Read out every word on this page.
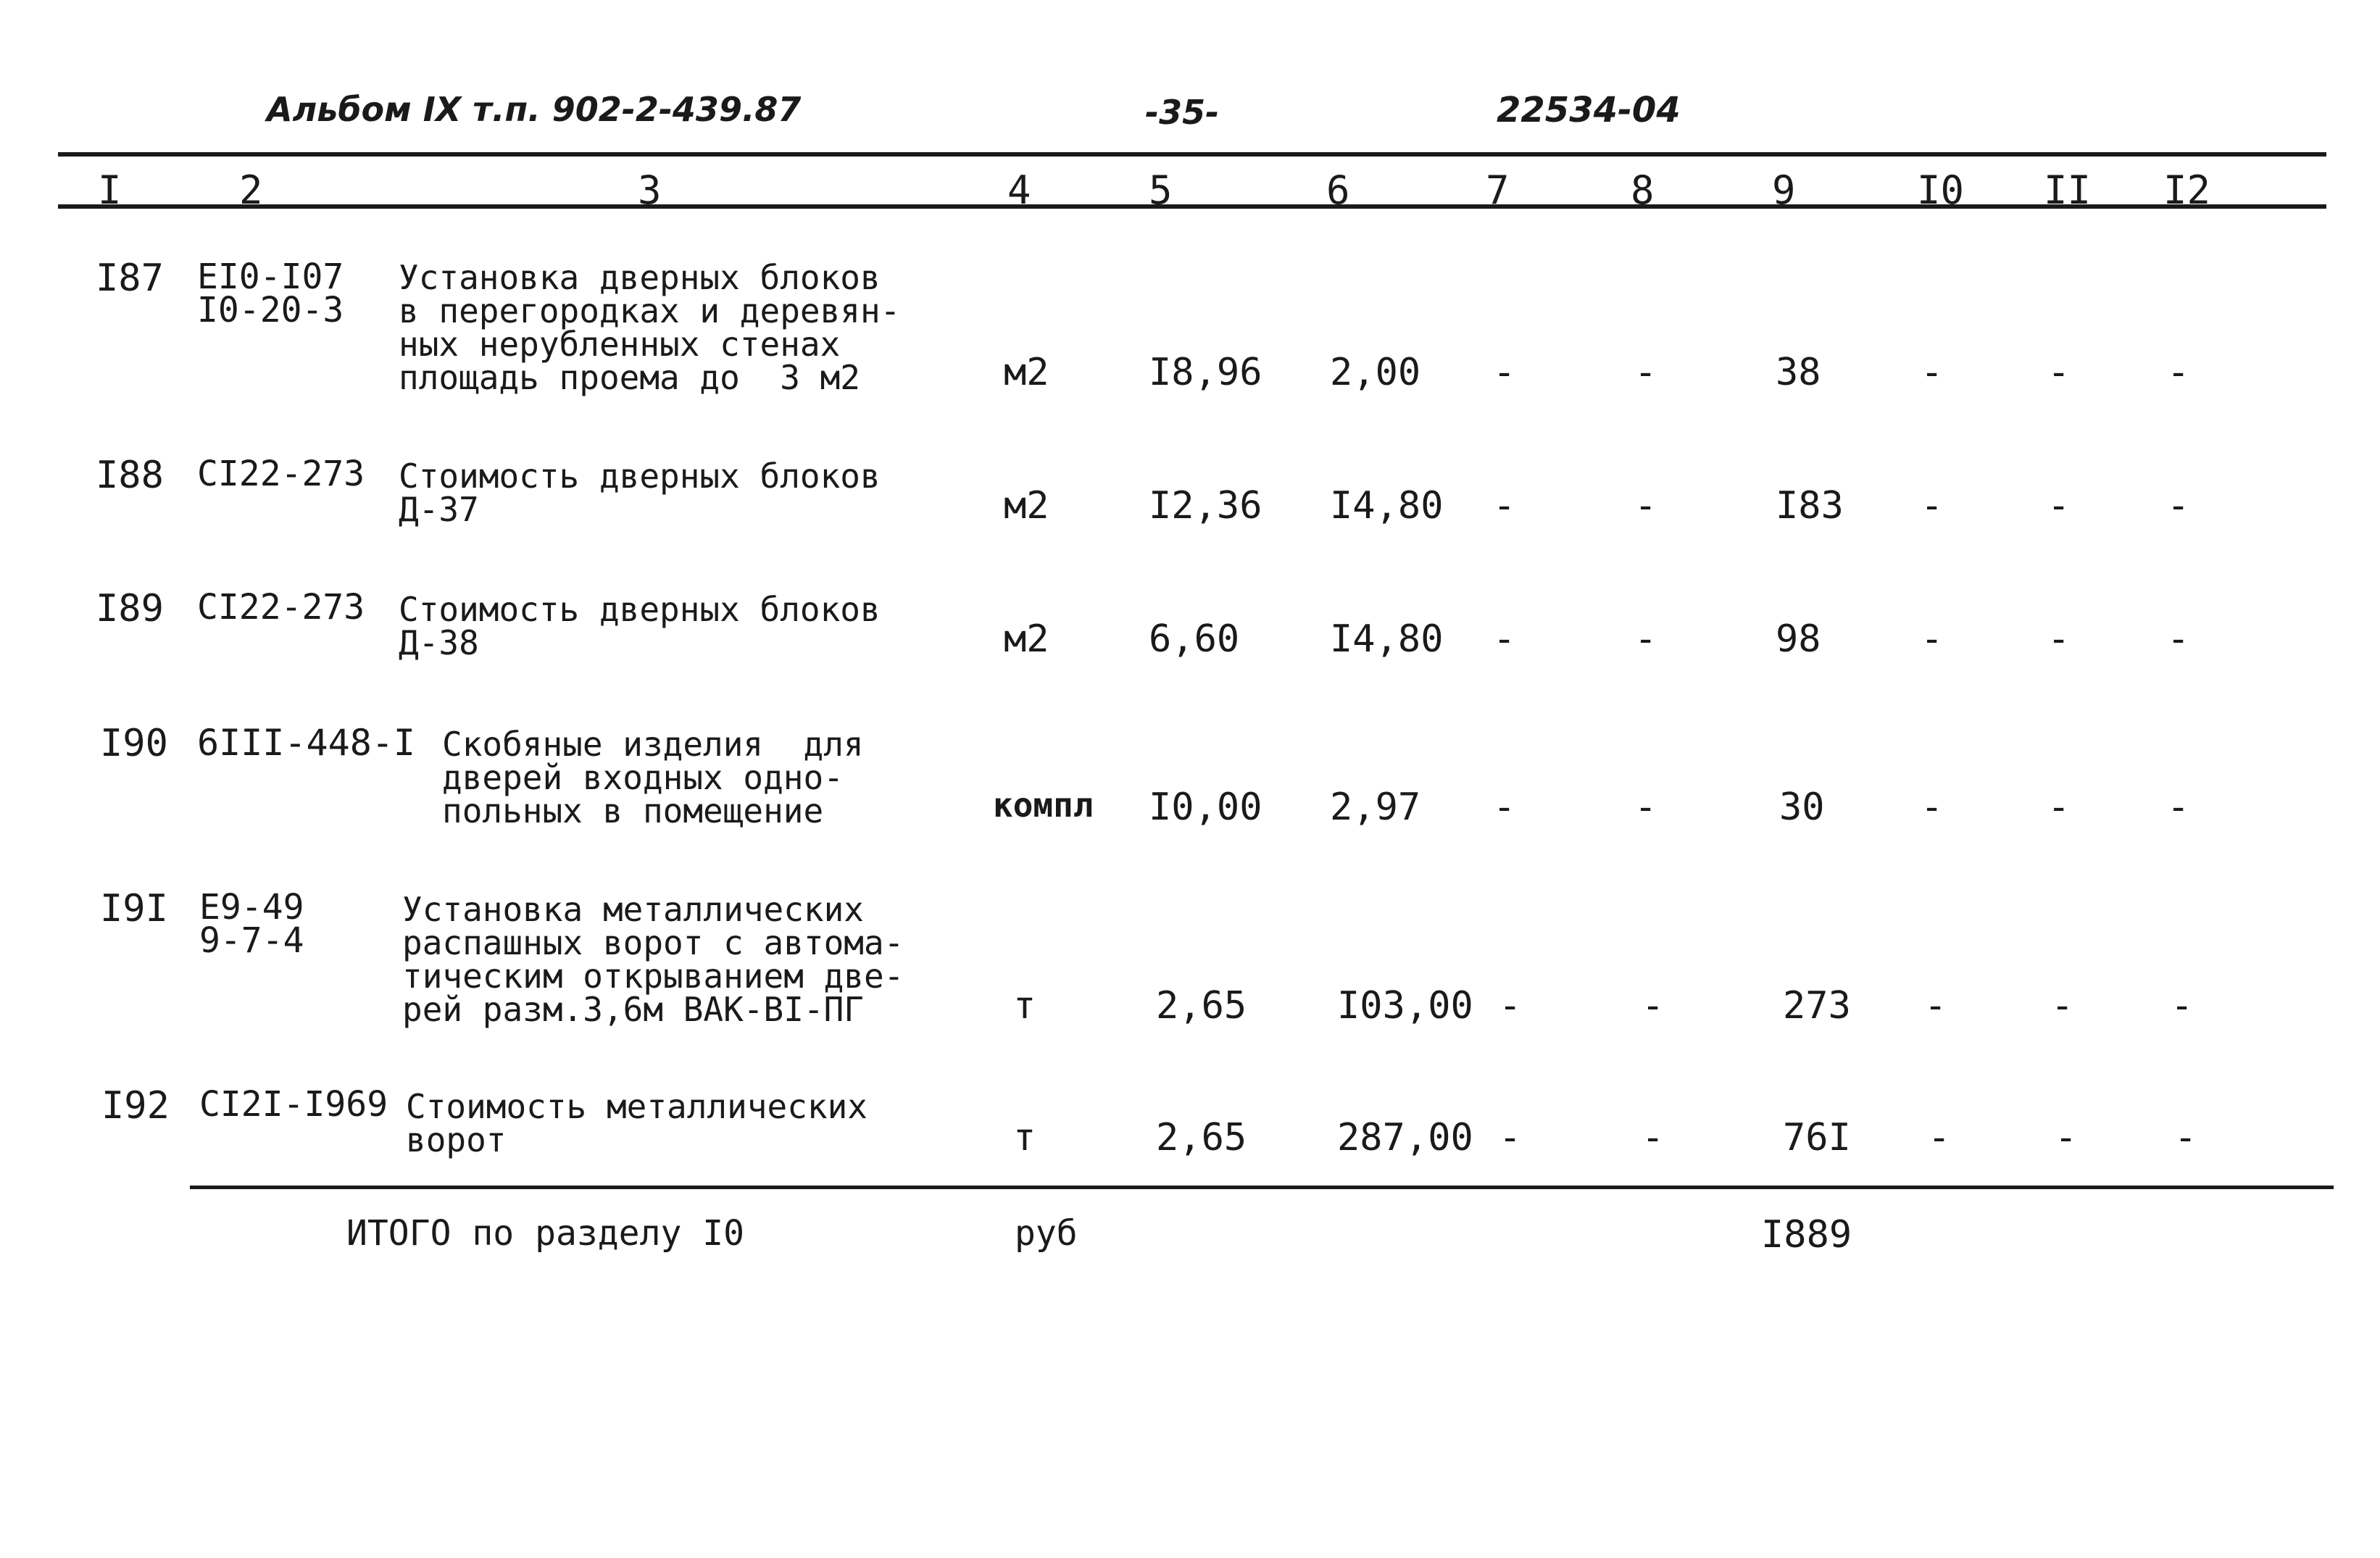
Альбом IX т.п. 902-2-439.87	-35-	22534-04
I	2	3	4	5	6	7	8	9	I0 II I2
I87 EI0-I07
I0-20-3
Установка дверных блоков
в перегородках и деревян-
ных нерубленных стенах
площадь проема до  3 м2	м2	I8,96 2,00 -	-	38	-	-	-
I88 CI22-273 Стоимость дверных блоков
Д-37	м2	I2,36 I4,80 -	-	I83 -	-	-
I89 CI22-273 Стоимость дверных блоков
Д-38	м2	6,60 I4,80 -	-	98	-	-	-
I90 6III-448-I Скобяные изделия  для
дверей входных одно-
польных в помещение	компл I0,00 2,97 -	-	30	-	-	-
I9I E9-49
9-7-4
Установка металлических
распашных ворот с автома-
тическим открыванием две-
рей разм.3,6м ВАК-ВI-ПГ	т	2,65 I03,00 -	-	273 -	-	-
I92 CI2I-I969 Стоимость металлических
ворот	т	2,65 287,00 -	-	76I -	-	-
ИТОГО по разделу I0	руб	I889
